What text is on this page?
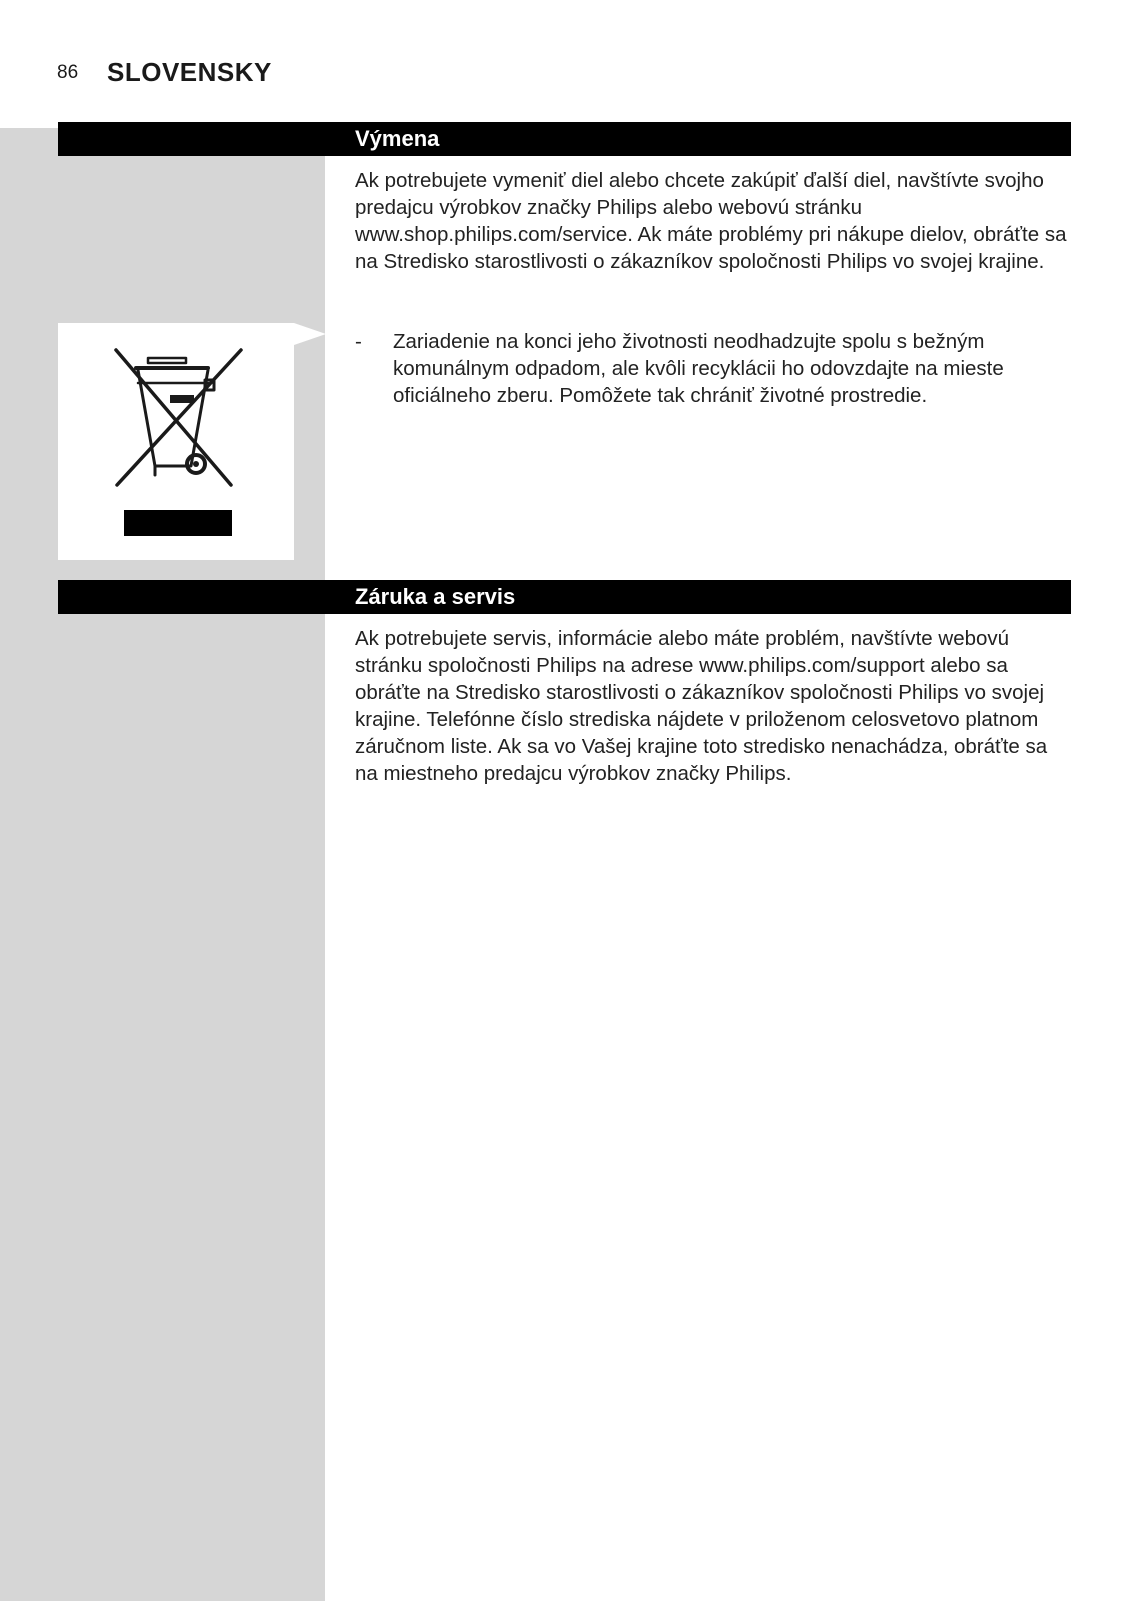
86 SLOVENSKY
Výmena

Ak potrebujete vymeniť diel alebo chcete zakúpiť ďalší diel, navštívte svojho predajcu výrobkov značky Philips alebo webovú stránku www.shop.philips.com/service. Ak máte problémy pri nákupe dielov, obráťte sa na Stredisko starostlivosti o zákazníkov spoločnosti Philips vo svojej krajine.

- Zariadenie na konci jeho životnosti neodhadzujte spolu s bežným komunálnym odpadom, ale kvôli recyklácii ho odovzdajte na mieste oficiálneho zberu. Pomôžete tak chrániť životné prostredie.
Záruka a servis

Ak potrebujete servis, informácie alebo máte problém, navštívte webovú stránku spoločnosti Philips na adrese www.philips.com/support alebo sa obráťte na Stredisko starostlivosti o zákazníkov spoločnosti Philips vo svojej krajine. Telefónne číslo strediska nájdete v priloženom celosvetovo platnom záručnom liste. Ak sa vo Vašej krajine toto stredisko nenachádza, obráťte sa na miestneho predajcu výrobkov značky Philips.
